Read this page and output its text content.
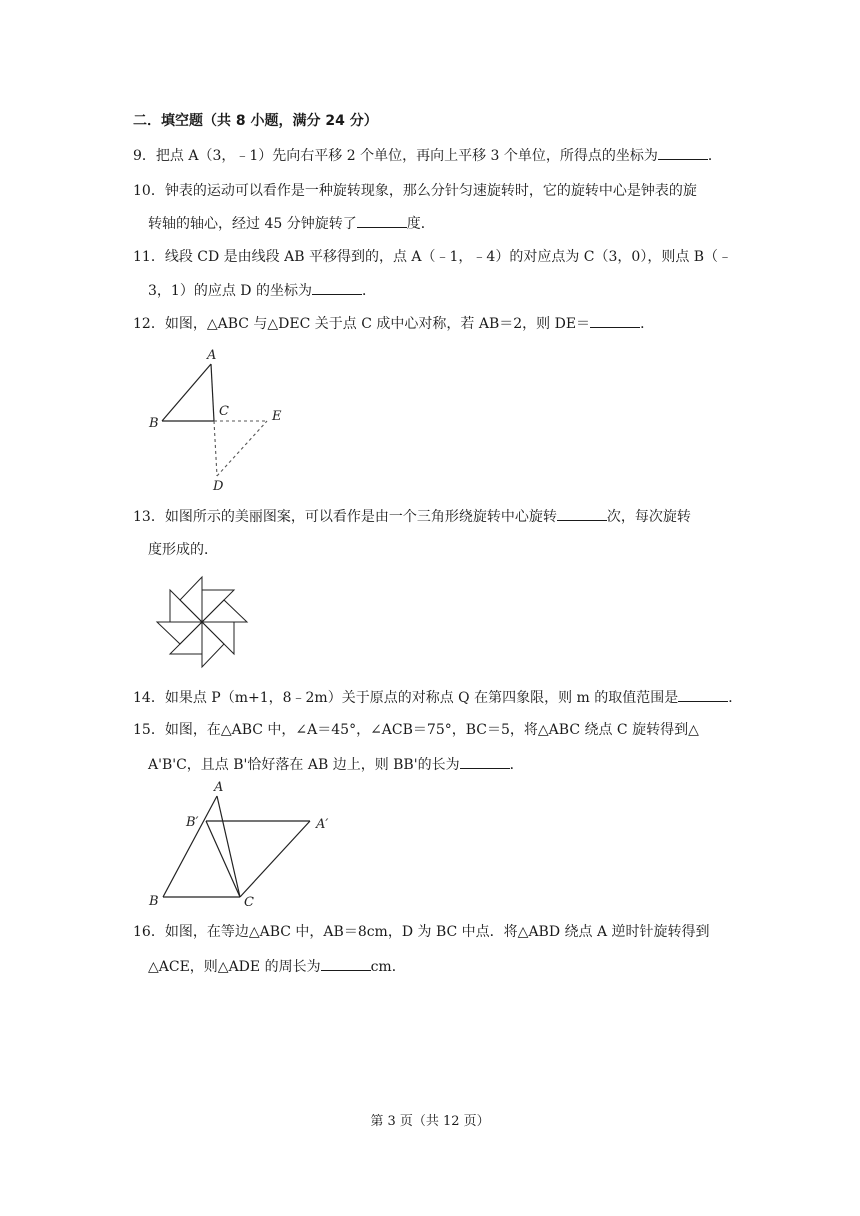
二．填空题（共 8 小题，满分 24 分）
9．把点 A（3，﹣1）先向右平移 2 个单位，再向上平移 3 个单位，所得点的坐标为	．
10．钟表的运动可以看作是一种旋转现象，那么分针匀速旋转时，它的旋转中心是钟表的旋
转轴的轴心，经过 45 分钟旋转了	度．
11．线段 CD 是由线段 AB 平移得到的，点 A（﹣1，﹣4）的对应点为 C（3，0），则点 B（﹣
3，1）的应点 D 的坐标为	．
12．如图，△ABC 与△DEC 关于点 C 成中心对称，若 AB＝2，则 DE＝	．
A
B
C	E
D
13．如图所示的美丽图案，可以看作是由一个三角形绕旋转中心旋转	次，每次旋转
度形成的．
14．如果点 P（m+1，8﹣2m）关于原点的对称点 Q 在第四象限，则 m 的取值范围是	．
15．如图，在△ABC 中，∠A＝45°，∠ACB＝75°，BC＝5，将△ABC 绕点 C 旋转得到△
A'B'C，且点 B'恰好落在 AB 边上，则 BB'的长为	．
A
B′	A′
B	C
16．如图，在等边△ABC 中，AB＝8cm，D 为 BC 中点．将△ABD 绕点 A 逆时针旋转得到
△ACE，则△ADE 的周长为	cm．
第 3 页（共 12 页）
